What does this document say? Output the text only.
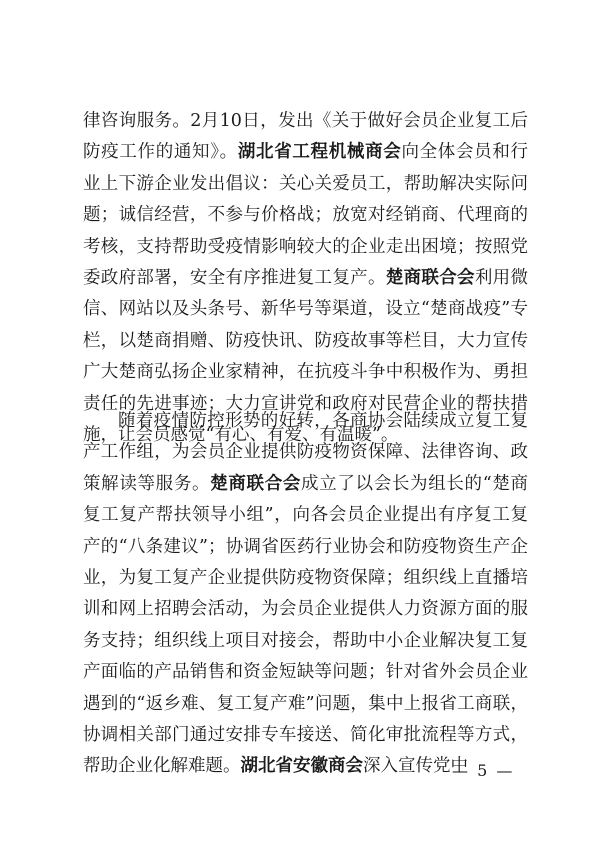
律咨询服务。2月10日，发出《关于做好会员企业复工后防疫工作的通知》。湖北省工程机械商会向全体会员和行业上下游企业发出倡议：关心关爱员工，帮助解决实际问题；诚信经营，不参与价格战；放宽对经销商、代理商的考核，支持帮助受疫情影响较大的企业走出困境；按照党委政府部署，安全有序推进复工复产。楚商联合会利用微信、网站以及头条号、新华号等渠道，设立“楚商战疫”专栏，以楚商捐赠、防疫快讯、防疫故事等栏目，大力宣传广大楚商弘扬企业家精神，在抗疫斗争中积极作为、勇担责任的先进事迹；大力宣讲党和政府对民营企业的帮扶措施，让会员感觉“有心、有爱、有温暖”。

随着疫情防控形势的好转，各商协会陆续成立复工复产工作组，为会员企业提供防疫物资保障、法律咨询、政策解读等服务。楚商联合会成立了以会长为组长的“楚商复工复产帮扶领导小组”，向各会员企业提出有序复工复产的“八条建议”；协调省医药行业协会和防疫物资生产企业，为复工复产企业提供防疫物资保障；组织线上直播培训和网上招聘会活动，为会员企业提供人力资源方面的服务支持；组织线上项目对接会，帮助中小企业解决复工复产面临的产品销售和资金短缺等问题；针对省外会员企业遇到的“返乡难、复工复产难”问题，集中上报省工商联，协调相关部门通过安排专车接送、简化审批流程等方式，帮助企业化解难题。湖北省安徽商会深入宣传党中

— 5 —
